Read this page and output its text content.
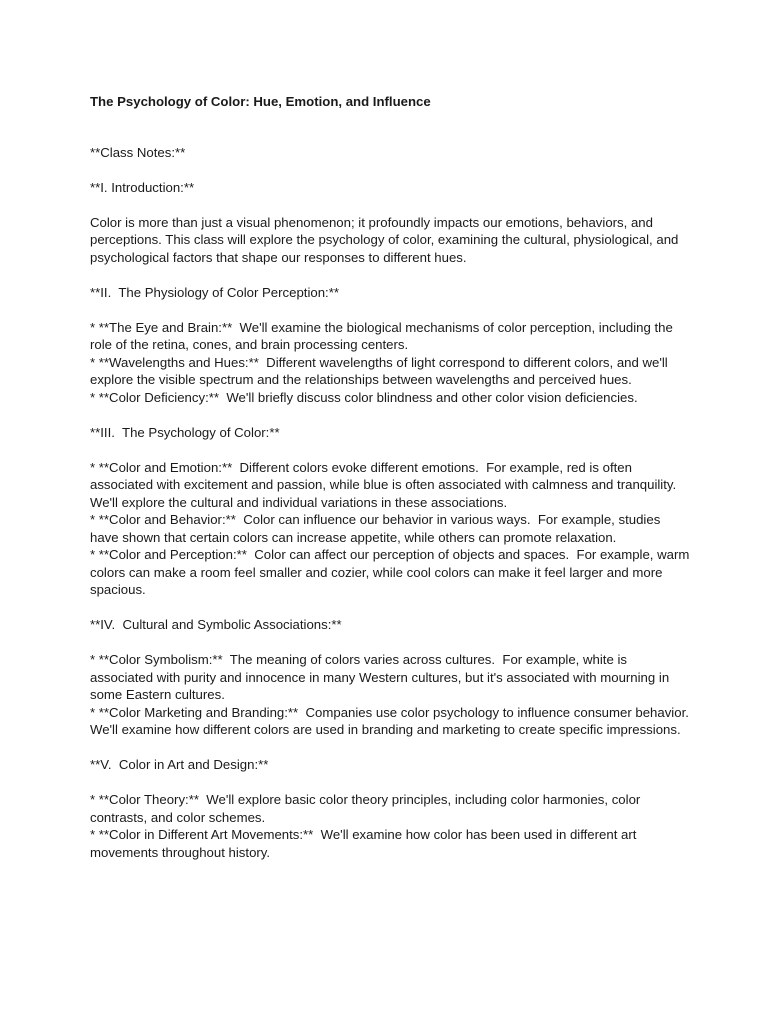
The Psychology of Color: Hue, Emotion, and Influence

**Class Notes:**

**I. Introduction:**

Color is more than just a visual phenomenon; it profoundly impacts our emotions, behaviors, and perceptions. This class will explore the psychology of color, examining the cultural, physiological, and psychological factors that shape our responses to different hues.

**II.  The Physiology of Color Perception:**

* **The Eye and Brain:**  We'll examine the biological mechanisms of color perception, including the role of the retina, cones, and brain processing centers.

* **Wavelengths and Hues:**  Different wavelengths of light correspond to different colors, and we'll explore the visible spectrum and the relationships between wavelengths and perceived hues.

* **Color Deficiency:**  We'll briefly discuss color blindness and other color vision deficiencies.

**III.  The Psychology of Color:**

* **Color and Emotion:**  Different colors evoke different emotions.  For example, red is often associated with excitement and passion, while blue is often associated with calmness and tranquility.  We'll explore the cultural and individual variations in these associations.

* **Color and Behavior:**  Color can influence our behavior in various ways.  For example, studies have shown that certain colors can increase appetite, while others can promote relaxation.

* **Color and Perception:**  Color can affect our perception of objects and spaces.  For example, warm colors can make a room feel smaller and cozier, while cool colors can make it feel larger and more spacious.

**IV.  Cultural and Symbolic Associations:**

* **Color Symbolism:**  The meaning of colors varies across cultures.  For example, white is associated with purity and innocence in many Western cultures, but it's associated with mourning in some Eastern cultures.

* **Color Marketing and Branding:**  Companies use color psychology to influence consumer behavior.  We'll examine how different colors are used in branding and marketing to create specific impressions.

**V.  Color in Art and Design:**

* **Color Theory:**  We'll explore basic color theory principles, including color harmonies, color contrasts, and color schemes.

* **Color in Different Art Movements:**  We'll examine how color has been used in different art movements throughout history.
